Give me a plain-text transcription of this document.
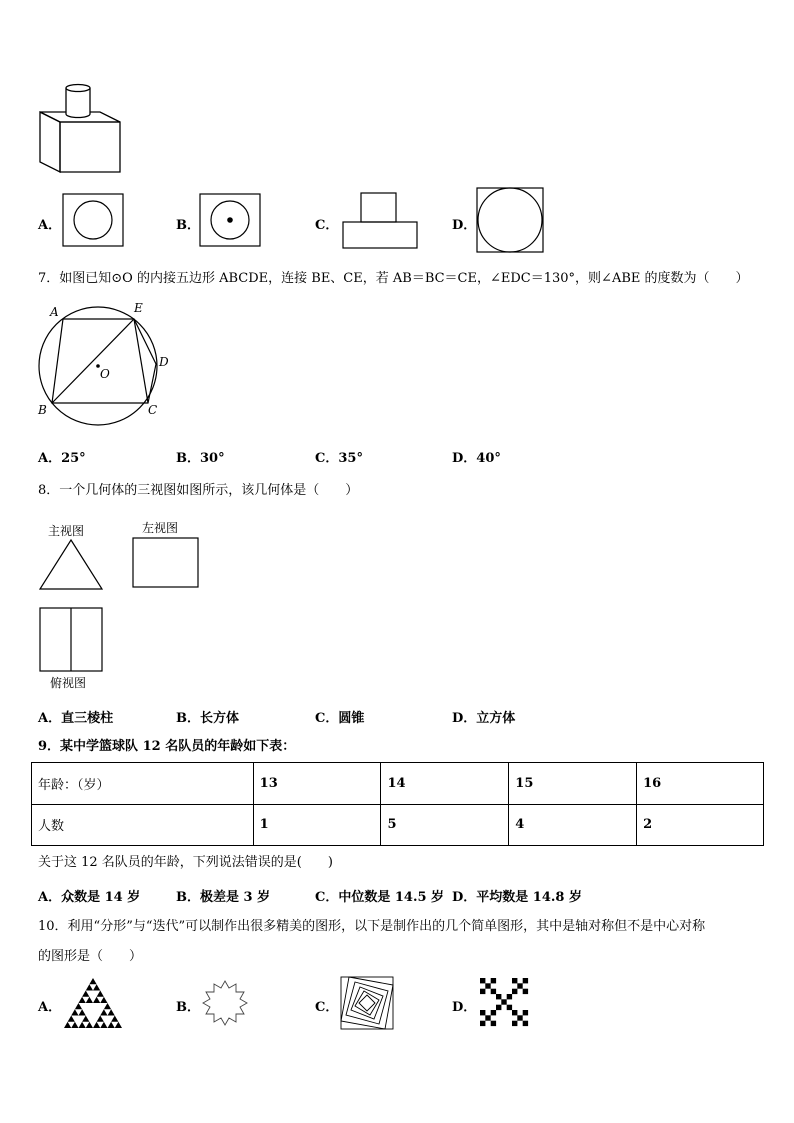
A．	B．	C．	D．
7．如图已知⊙O 的内接五边形 ABCDE，连接 BE、CE，若 AB＝BC＝CE，∠EDC＝130°，则∠ABE 的度数为（　　）
A	E
D
C
B
O
A．25°	B．30°	C．35°	D．40°
8．一个几何体的三视图如图所示，该几何体是（　　）
主视图	左视图
俯视图
A．直三棱柱	B．长方体	C．圆锥	D．立方体
9．某中学篮球队 12 名队员的年龄如下表：
年龄：（岁）	13	14	15	16
人数	1	5	4	2
关于这 12 名队员的年龄，下列说法错误的是(　　)
A．众数是 14 岁	B．极差是 3 岁	C．中位数是 14.5 岁 D．平均数是 14.8 岁
10．利用“分形”与“迭代”可以制作出很多精美的图形，以下是制作出的几个简单图形，其中是轴对称但不是中心对称
的图形是（　　）
A．	B．	C．	D．
